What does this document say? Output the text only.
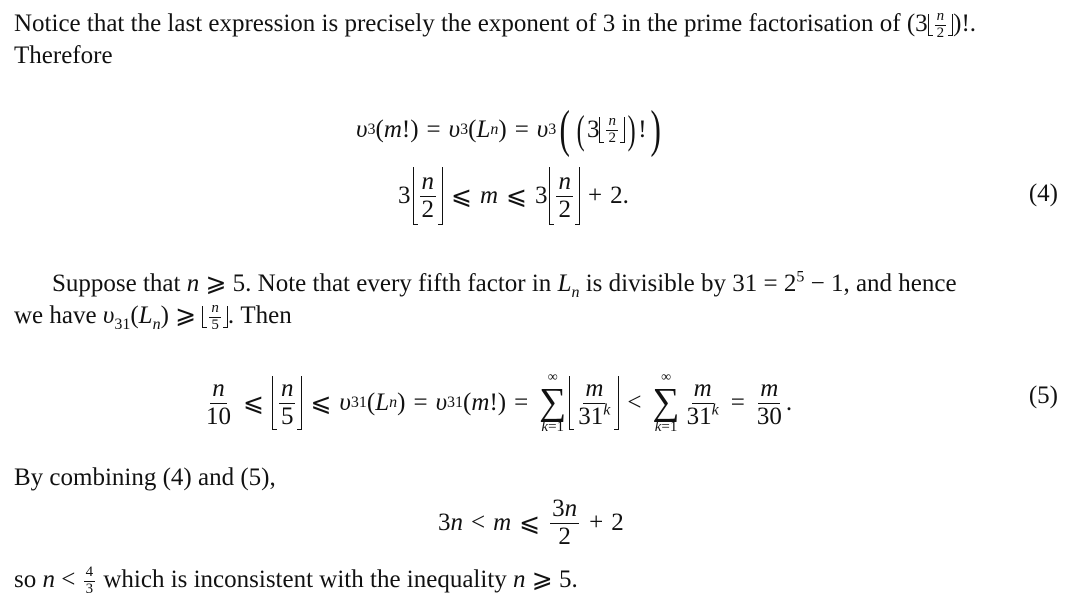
Notice that the last expression is precisely the exponent of 3 in the prime factorisation of ($3 \frac{n}{2}$ )!.
Therefore
υ 3 ( m !) = υ 3 ( L n ) = υ 3 ( ( $3 \frac{n}{2}$ ) ! )
$3 \frac{n}{2}$ ⩽ m ⩽ $3 \frac{n}{2} + 2$.	(4)
Suppose that n ⩾ 5. Note that every fifth factor in $L_n$ is divisible by $31 = 2^5 - 1$, and hence
we have $\upsilon_{31}(L_n)$ ⩾ $\frac{n}{5}$ . Then
$\frac{n}{10}$ ⩽ $\frac{n}{5}$ ⩽ υ 31 ( L n ) = υ 31 ( m !) =
∞
∑
$k=1 \frac{m}{31^k}$ <
∞
∑
$k=1 \frac{m}{31^k} = \frac{m}{30}$ .	(5)
By combining (4) and (5),
3 n < m ⩽ $\frac{3n}{2} + 2$
so $n < \frac{4}{3}$ which is inconsistent with the inequality n ⩾ 5.
